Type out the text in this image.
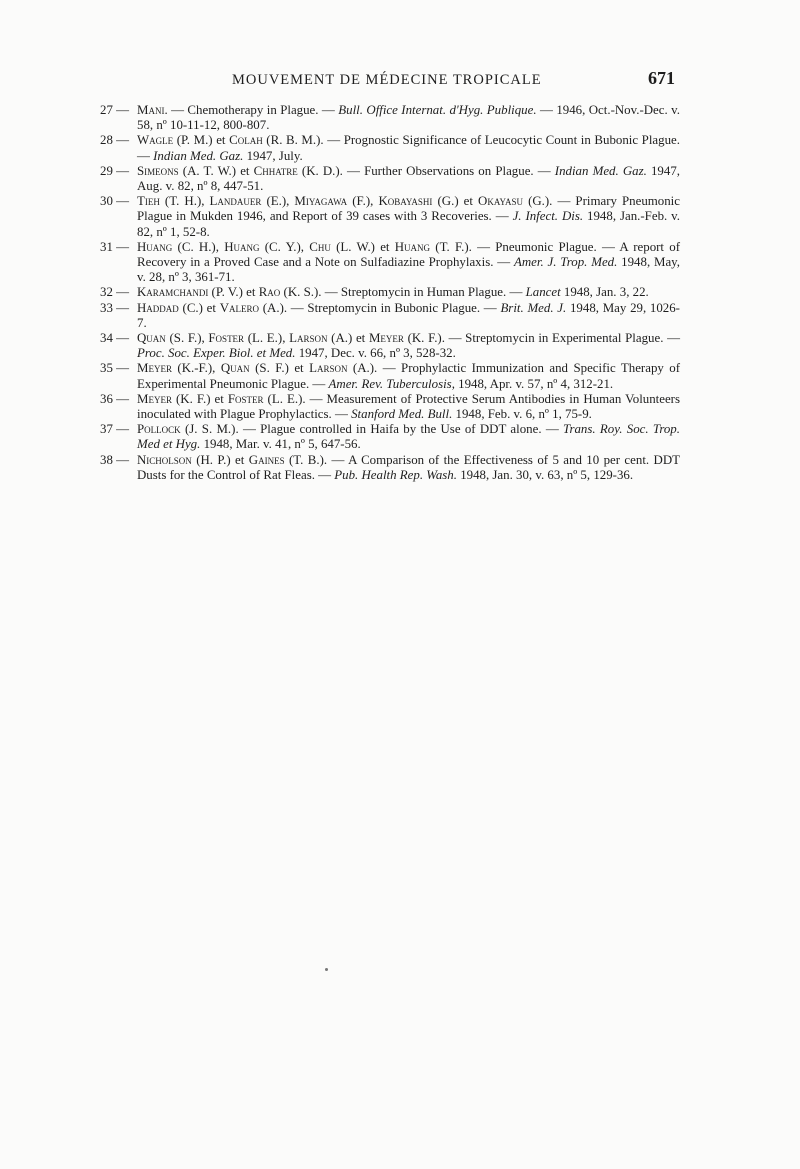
MOUVEMENT DE MÉDECINE TROPICALE	671

27 — Mani. — Chemotherapy in Plague. — Bull. Office Internat. d'Hyg. Publique. — 1946, Oct.-Nov.-Dec. v. 58, nº 10-11-12, 800-807.

28 — Wagle (P. M.) et Colah (R. B. M.). — Prognostic Significance of Leucocytic Count in Bubonic Plague. — Indian Med. Gaz. 1947, July.

29 — Simeons (A. T. W.) et Chhatre (K. D.). — Further Observations on Plague. — Indian Med. Gaz. 1947, Aug. v. 82, nº 8, 447-51.

30 — Tieh (T. H.), Landauer (E.), Miyagawa (F.), Kobayashi (G.) et Okayasu (G.). — Primary Pneumonic Plague in Mukden 1946, and Report of 39 cases with 3 Recoveries. — J. Infect. Dis. 1948, Jan.-Feb. v. 82, nº 1, 52-8.

31 — Huang (C. H.), Huang (C. Y.), Chu (L. W.) et Huang (T. F.). — Pneumonic Plague. — A report of Recovery in a Proved Case and a Note on Sulfadiazine Prophylaxis. — Amer. J. Trop. Med. 1948, May, v. 28, nº 3, 361-71.

32 — Karamchandi (P. V.) et Rao (K. S.). — Streptomycin in Human Plague. — Lancet 1948, Jan. 3, 22.

33 — Haddad (C.) et Valero (A.). — Streptomycin in Bubonic Plague. — Brit. Med. J. 1948, May 29, 1026-7.

34 — Quan (S. F.), Foster (L. E.), Larson (A.) et Meyer (K. F.). — Streptomycin in Experimental Plague. — Proc. Soc. Exper. Biol. et Med. 1947, Dec. v. 66, nº 3, 528-32.

35 — Meyer (K.-F.), Quan (S. F.) et Larson (A.). — Prophylactic Immunization and Specific Therapy of Experimental Pneumonic Plague. — Amer. Rev. Tuberculosis, 1948, Apr. v. 57, nº 4, 312-21.

36 — Meyer (K. F.) et Foster (L. E.). — Measurement of Protective Serum Antibodies in Human Volunteers inoculated with Plague Prophylactics. — Stanford Med. Bull. 1948, Feb. v. 6, nº 1, 75-9.

37 — Pollock (J. S. M.). — Plague controlled in Haifa by the Use of DDT alone. — Trans. Roy. Soc. Trop. Med et Hyg. 1948, Mar. v. 41, nº 5, 647-56.

38 — Nicholson (H. P.) et Gaines (T. B.). — A Comparison of the Effectiveness of 5 and 10 per cent. DDT Dusts for the Control of Rat Fleas. — Pub. Health Rep. Wash. 1948, Jan. 30, v. 63, nº 5, 129-36.
